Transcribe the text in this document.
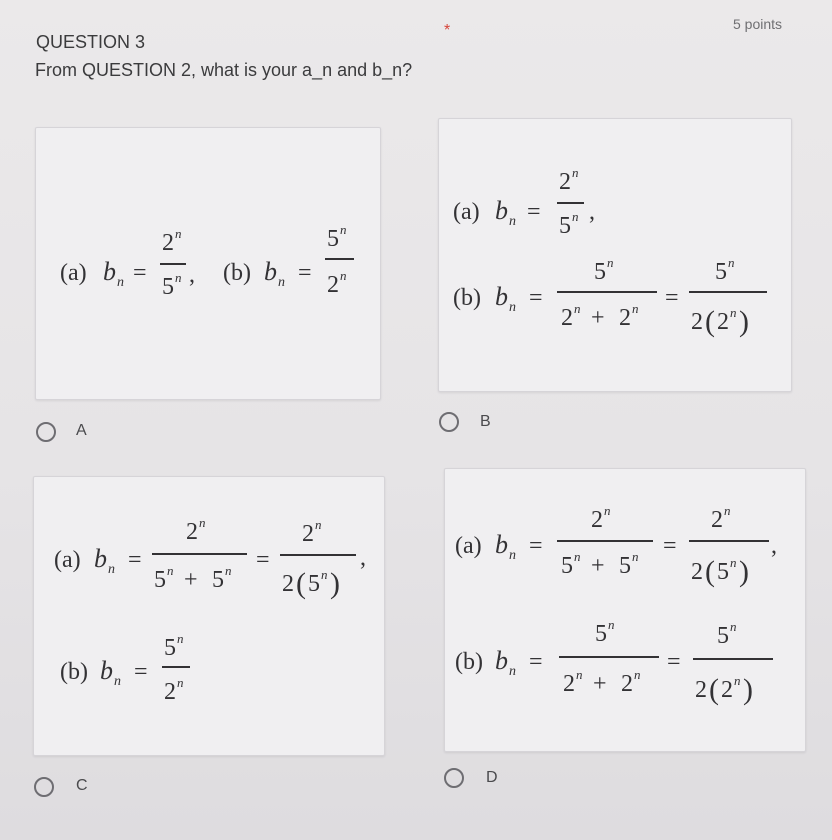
QUESTION 3
*	5 points
From QUESTION 2, what is your a_n and b_n?
(a) b n =
2 n
5 n , (b) b n =
5 n
2 n
A
(a) b n =
2 n
5 n ,
(b) b n =
5 n
2 n + 2 n =
5 n
2 ( 2 n )
B
(a) b n =
2 n
5 n + 5 n =
2 n
2 ( 5 n )
,
(b) b n =
5 n
2 n
C
(a) b n =
2 n
5 n + 5 n =
2 n
2 ( 5 n )
,
(b) b n =
5 n
2 n + 2 n =
5 n
2 ( 2 n )
D
